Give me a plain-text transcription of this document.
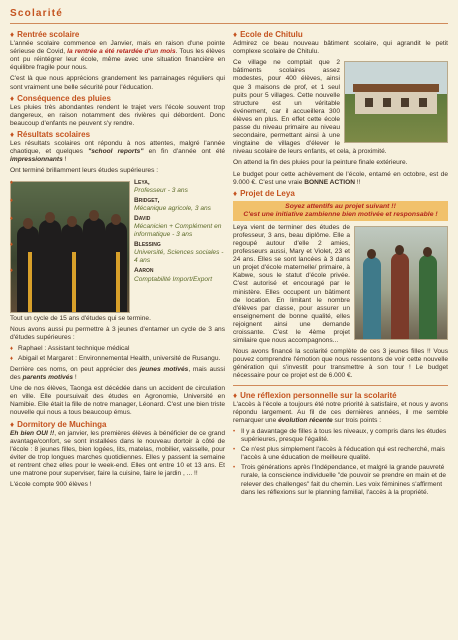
Scolarité
♦ Rentrée scolaire

L'année scolaire commence en Janvier, mais en raison d'une pointe sérieuse de Covid, la rentrée a été retardée d'un mois. Tous les élèves ont pu réintégrer leur école, même avec une situation financière en équilibre fragile pour nous.

C'est là que nous apprécions grandement les parrainages réguliers qui sont vraiment une belle sécurité pour l'éducation.

♦ Conséquence des pluies

Les pluies très abondantes rendent le trajet vers l'école souvent trop dangereux, en raison notamment des rivières qui débordent. Donc beaucoup d'enfants ne peuvent s'y rendre.

♦ Résultats scolaires

Les résultats scolaires ont répondu à nos attentes, malgré l'année chaotique, et quelques "school reports" en fin d'année ont été impressionnants !

Ont terminé brillamment leurs études supérieures :

♦ Leya,
Professeur - 3 ans
♦ Bridget,
Mécanique agricole, 3 ans
♦ David
Mécanicien + Complément en informatique - 3 ans
♦ Blessing
Université, Sciences sociales - 4 ans
♦ Aaron
Comptabilité Import/Export

Tout un cycle de 15 ans d'études qui se termine.

Nous avons aussi pu permettre à 3 jeunes d'entamer un cycle de 3 ans d'études supérieures :

♦ Raphael : Assistant technique médical
♦ Abigail et Margaret : Environnemental Health, université de Rusangu.

Derrière ces noms, on peut apprécier des jeunes motivés, mais aussi des parents motivés !

Une de nos élèves, Taonga est décédée dans un accident de circulation en ville. Elle poursuivait des études en Agronomie, Université en Namibie. Elle était la fille de notre manager, Léonard. C'est une bien triste nouvelle qui nous a tous beaucoup émus.

♦ Dormitory de Muchinga

Eh bien OUI !!, en janvier, les premières élèves à bénéficier de ce grand avantage/confort, se sont installées dans le nouveau dortoir à côté de l'école : 8 jeunes filles, bien logées, lits, matelas, mobilier, vaisselle, pour éviter de trop longues marches quotidiennes. Elles y passent la semaine et rentrent chez elles pour le week-end. Elles ont entre 10 et 13 ans. Et une matrone pour superviser, faire la cuisine, faire le jardin , ... !!

L'école compte 900 élèves !

♦ Ecole de Chitulu

Admirez ce beau nouveau bâtiment scolaire, qui agrandit le petit complexe scolaire de Chitulu.

Ce village ne comptait que 2 bâtiments scolaires assez modestes, pour 400 élèves, ainsi que 3 maisons de prof, et 1 seul puits pour 5 villages. Cette nouvelle structure est un véritable événement, car il accueillera 300 élèves en plus. En effet cette école passe du niveau primaire au niveau secondaire, permettant ainsi à une vingtaine de villages d'élever le niveau scolaire de leurs enfants, et cela, à proximité.

On attend la fin des pluies pour la peinture finale extérieure.

Le budget pour cette achèvement de l'école, entamé en octobre, est de 9.000 €. C'est une vraie BONNE ACTION !!

♦ Projet de Leya
Soyez attentifs au projet suivant !!
C'est une initiative zambienne bien motivée et responsable !

Leya vient de terminer des études de professeur, 3 ans, beau diplôme. Elle a regoupé autour d'elle 2 amies, professeurs aussi, Mary et Violet, 23 et 24 ans. Elles se sont lancées à 3 dans un projet d'école maternelle/ primaire, à Kabwe, sous le statut d'école privée. C'est autorisé et encouragé par le ministère. Elles occupent un bâtiment de location. En limitant le nombre d'élèves par classe, pour assurer un enseignement de bonne qualité, elles rejoignent ainsi une demande croissante. C'est le 4ème projet similaire que nous accompagnons...

Nous avons financé la scolarité complète de ces 3 jeunes filles !! Vous pouvez comprendre l'émotion que nous ressentons de voir cette nouvelle génération qui s'investit pour transmettre à son tour ! Le budget nécessaire pour ce projet est de 6.000 €.

♦ Une réflexion personnelle sur la scolarité

L'accès à l'école a toujours été notre priorité à satisfaire, et nous y avons répondu largement. Au fil de ces dernières années, il me semble remarquer une évolution récente sur trois points :

• Il y a davantage de filles à tous les niveaux, y compris dans les études supérieures, presque l'égalité.
• Ce n'est plus simplement l'accès à l'éducation qui est recherché, mais l'accès à une éducation de meilleure qualité.
• Trois générations après l'Indépendance, et malgré la grande pauvreté rurale, la conscience individuelle "de pouvoir se prendre en main et de relever des challenges" fait du chemin. Les voix féminines s'affirment dans les réflexions sur le planning familial, l'accès à la propriété.
